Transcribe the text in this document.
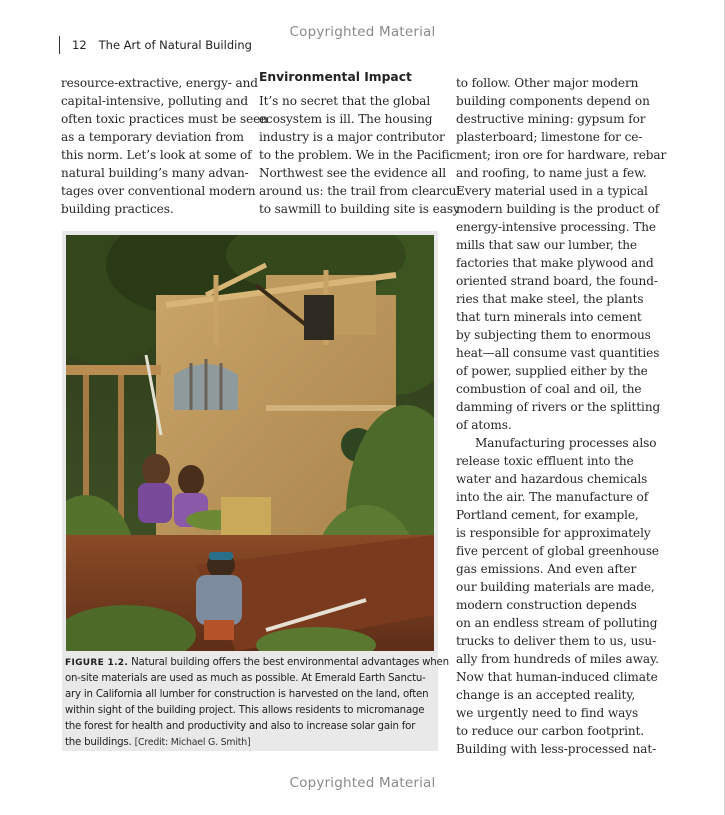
Copyrighted Material
12 The Art of Natural Building
resource-extractive, energy- and
capital-intensive, polluting and
often toxic practices must be seen
as a temporary deviation from
this norm. Let’s look at some of
natural building’s many advan-
tages over conventional modern
building practices.
Environmental Impact
It’s no secret that the global
ecosystem is ill. The housing
industry is a major contributor
to the problem. We in the Pacific
Northwest see the evidence all
around us: the trail from clearcut
to sawmill to building site is easy
to follow. Other major modern
building components depend on
destructive mining: gypsum for
plasterboard; limestone for ce-
ment; iron ore for hardware, rebar
and roofing, to name just a few.
Every material used in a typical
modern building is the product of
energy-intensive processing. The
mills that saw our lumber, the
factories that make plywood and
oriented strand board, the found-
ries that make steel, the plants
that turn minerals into cement
by subjecting them to enormous
heat—all consume vast quantities
of power, supplied either by the
combustion of coal and oil, the
damming of rivers or the splitting
of atoms.
Manufacturing processes also
release toxic effluent into the
water and hazardous chemicals
into the air. The manufacture of
Portland cement, for example,
is responsible for approximately
five percent of global greenhouse
gas emissions. And even after
our building materials are made,
modern construction depends
on an endless stream of polluting
trucks to deliver them to us, usu-
ally from hundreds of miles away.
Now that human-induced climate
change is an accepted reality,
we urgently need to find ways
to reduce our carbon footprint.
Building with less-processed nat-
FIGURE 1.2. Natural building offers the best environmental advantages when
on-site materials are used as much as possible. At Emerald Earth Sanctu-
ary in California all lumber for construction is harvested on the land, often
within sight of the building project. This allows residents to micromanage
the forest for health and productivity and also to increase solar gain for
the buildings. [Credit: Michael G. Smith]
Copyrighted Material
